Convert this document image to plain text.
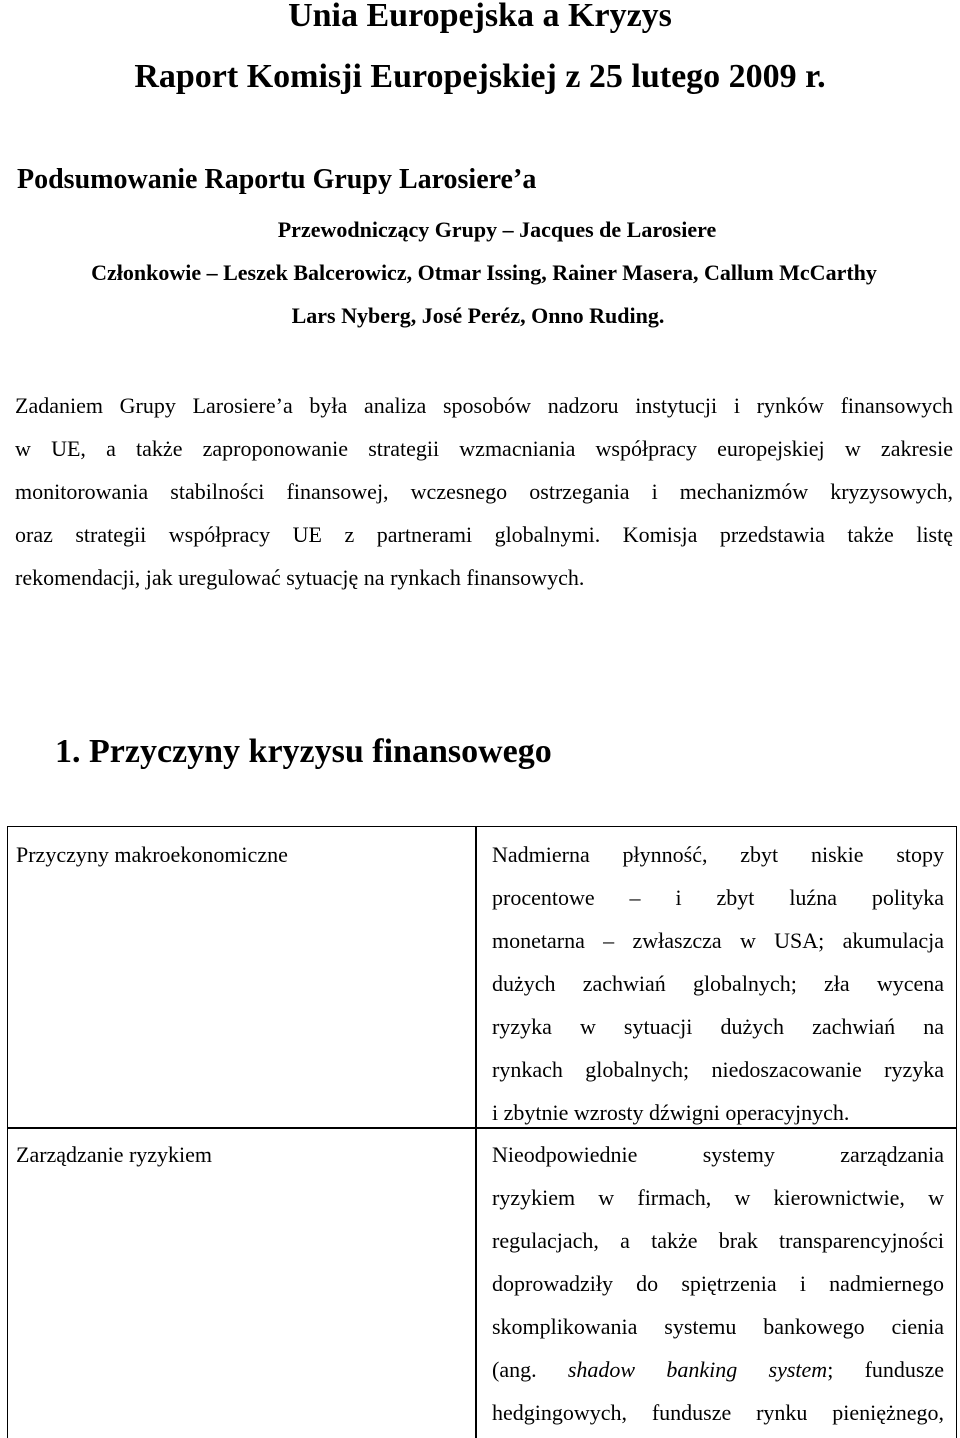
Unia Europejska a Kryzys
Raport Komisji Europejskiej z 25 lutego 2009 r.
Podsumowanie Raportu Grupy Larosiere’a
Przewodniczący Grupy – Jacques de Larosiere
Członkowie – Leszek Balcerowicz, Otmar Issing, Rainer Masera, Callum McCarthy
Lars Nyberg, José Peréz, Onno Ruding.
Zadaniem Grupy Larosiere’a była analiza sposobów nadzoru instytucji i rynków finansowych
w UE, a także zaproponowanie strategii wzmacniania współpracy europejskiej w zakresie
monitorowania stabilności finansowej, wczesnego ostrzegania i mechanizmów kryzysowych,
oraz strategii współpracy UE z partnerami globalnymi. Komisja przedstawia także listę
rekomendacji, jak uregulować sytuację na rynkach finansowych.
1. Przyczyny kryzysu finansowego
Przyczyny makroekonomiczne	Nadmierna płynność, zbyt niskie stopy
procentowe – i zbyt luźna polityka
monetarna – zwłaszcza w USA; akumulacja
dużych zachwiań globalnych; zła wycena
ryzyka w sytuacji dużych zachwiań na
rynkach globalnych; niedoszacowanie ryzyka
i zbytnie wzrosty dźwigni operacyjnych.
Zarządzanie ryzykiem	Nieodpowiednie systemy zarządzania
ryzykiem w firmach, w kierownictwie, w
regulacjach, a także brak transparencyjności
doprowadziły do spiętrzenia i nadmiernego
skomplikowania systemu bankowego cienia
(ang. shadow banking system; fundusze
hedgingowych, fundusze rynku pieniężnego,
